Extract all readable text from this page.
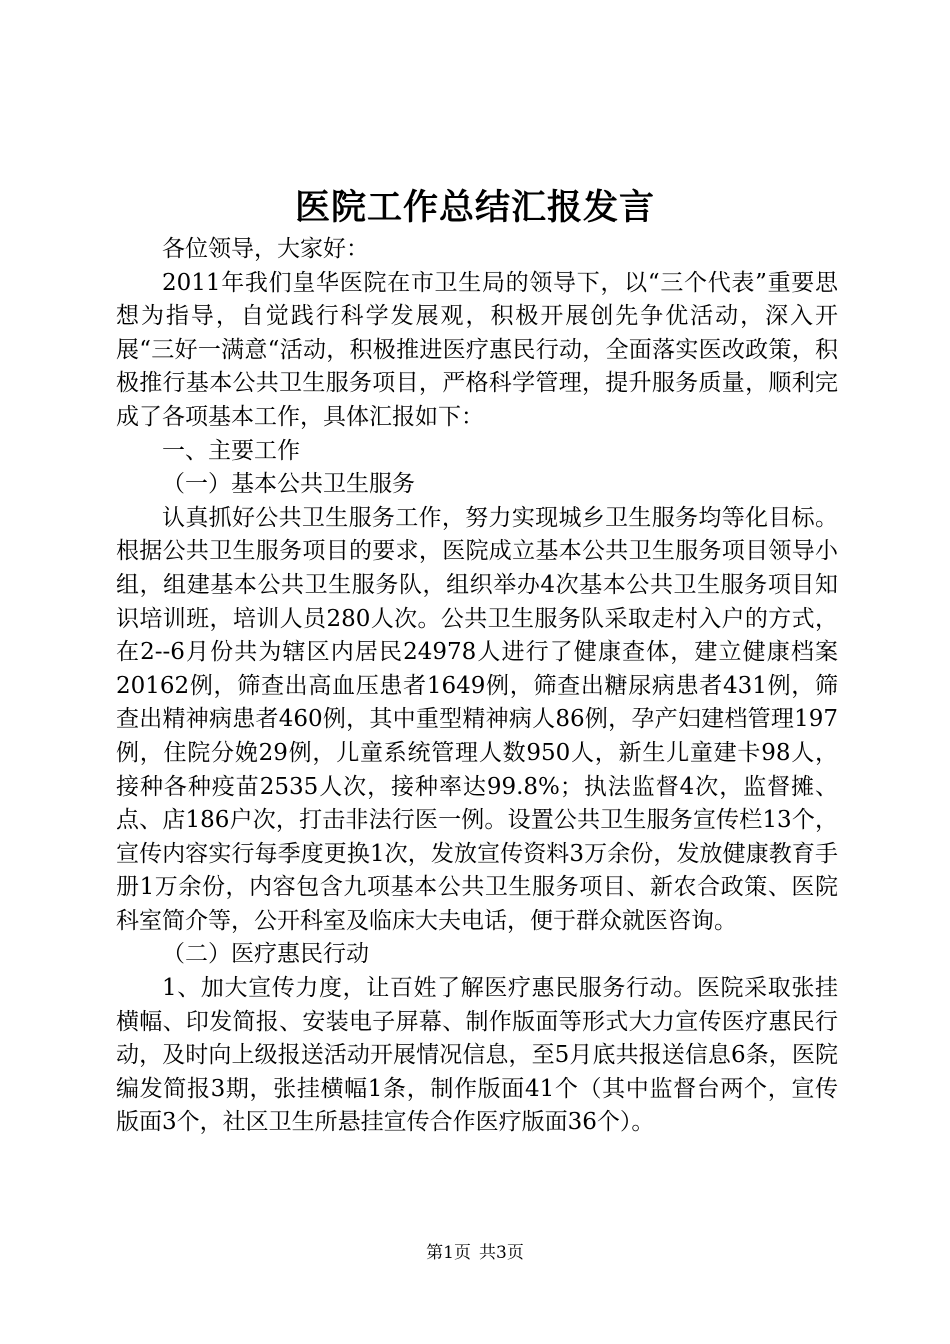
医院工作总结汇报发言

各位领导，大家好：

2011年我们皇华医院在市卫生局的领导下，以“三个代表”重要思想为指导，自觉践行科学发展观，积极开展创先争优活动，深入开展“三好一满意“活动，积极推进医疗惠民行动，全面落实医改政策，积极推行基本公共卫生服务项目，严格科学管理，提升服务质量，顺利完成了各项基本工作，具体汇报如下：

一、主要工作

（一）基本公共卫生服务

认真抓好公共卫生服务工作，努力实现城乡卫生服务均等化目标。根据公共卫生服务项目的要求，医院成立基本公共卫生服务项目领导小组，组建基本公共卫生服务队，组织举办4次基本公共卫生服务项目知识培训班，培训人员280人次。公共卫生服务队采取走村入户的方式，在2--6月份共为辖区内居民24978人进行了健康查体，建立健康档案20162例，筛查出高血压患者1649例，筛查出糖尿病患者431例，筛查出精神病患者460例，其中重型精神病人86例，孕产妇建档管理197例，住院分娩29例，儿童系统管理人数950人，新生儿童建卡98人，接种各种疫苗2535人次，接种率达99.8%；执法监督4次，监督摊、点、店186户次，打击非法行医一例。设置公共卫生服务宣传栏13个，宣传内容实行每季度更换1次，发放宣传资料3万余份，发放健康教育手册1万余份，内容包含九项基本公共卫生服务项目、新农合政策、医院科室简介等，公开科室及临床大夫电话，便于群众就医咨询。

（二）医疗惠民行动

1、加大宣传力度，让百姓了解医疗惠民服务行动。医院采取张挂横幅、印发简报、安装电子屏幕、制作版面等形式大力宣传医疗惠民行动，及时向上级报送活动开展情况信息，至5月底共报送信息6条，医院编发简报3期，张挂横幅1条，制作版面41个（其中监督台两个，宣传版面3个，社区卫生所悬挂宣传合作医疗版面36个）。

第1页 共3页
